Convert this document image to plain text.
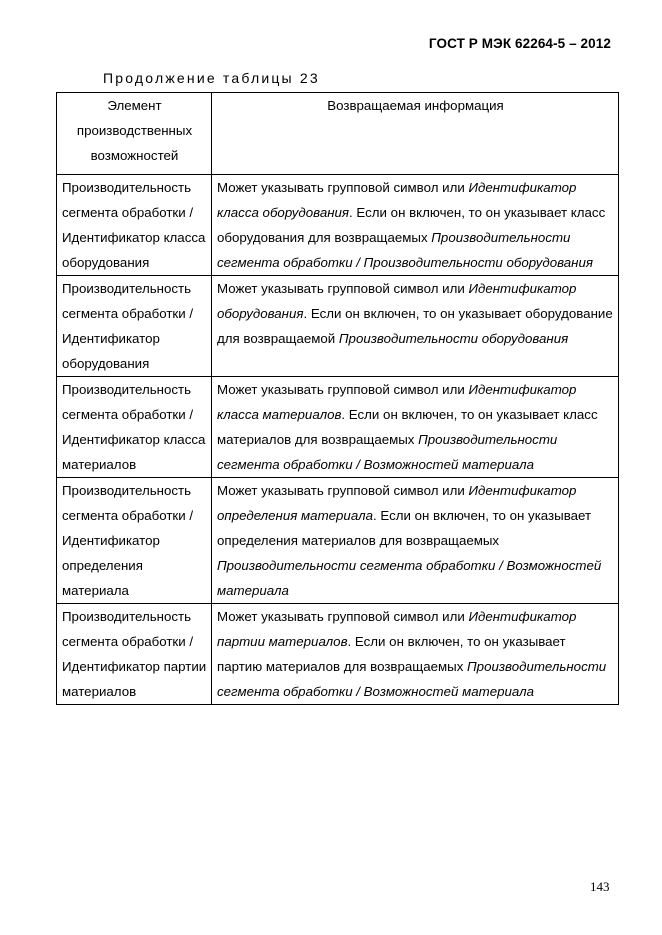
ГОСТ Р МЭК 62264-5 – 2012
Продолжение таблицы 23
Элемент производственных возможностей	Возвращаемая информация
Производительность сегмента обработки / Идентификатор класса оборудования	Может указывать групповой символ или Идентификатор класса оборудования. Если он включен, то он указывает класс оборудования для возвращаемых Производительности сегмента обработки / Производительности оборудования
Производительность сегмента обработки / Идентификатор оборудования	Может указывать групповой символ или Идентификатор оборудования. Если он включен, то он указывает оборудование для возвращаемой Производительности оборудования
Производительность сегмента обработки / Идентификатор класса материалов	Может указывать групповой символ или Идентификатор класса материалов. Если он включен, то он указывает класс материалов для возвращаемых Производительности сегмента обработки / Возможностей материала
Производительность сегмента обработки / Идентификатор определения материала	Может указывать групповой символ или Идентификатор определения материала. Если он включен, то он указывает определения материалов для возвращаемых Производительности сегмента обработки / Возможностей материала
Производительность сегмента обработки / Идентификатор партии материалов	Может указывать групповой символ или Идентификатор партии материалов. Если он включен, то он указывает партию материалов для возвращаемых Производительности сегмента обработки / Возможностей материала
143
